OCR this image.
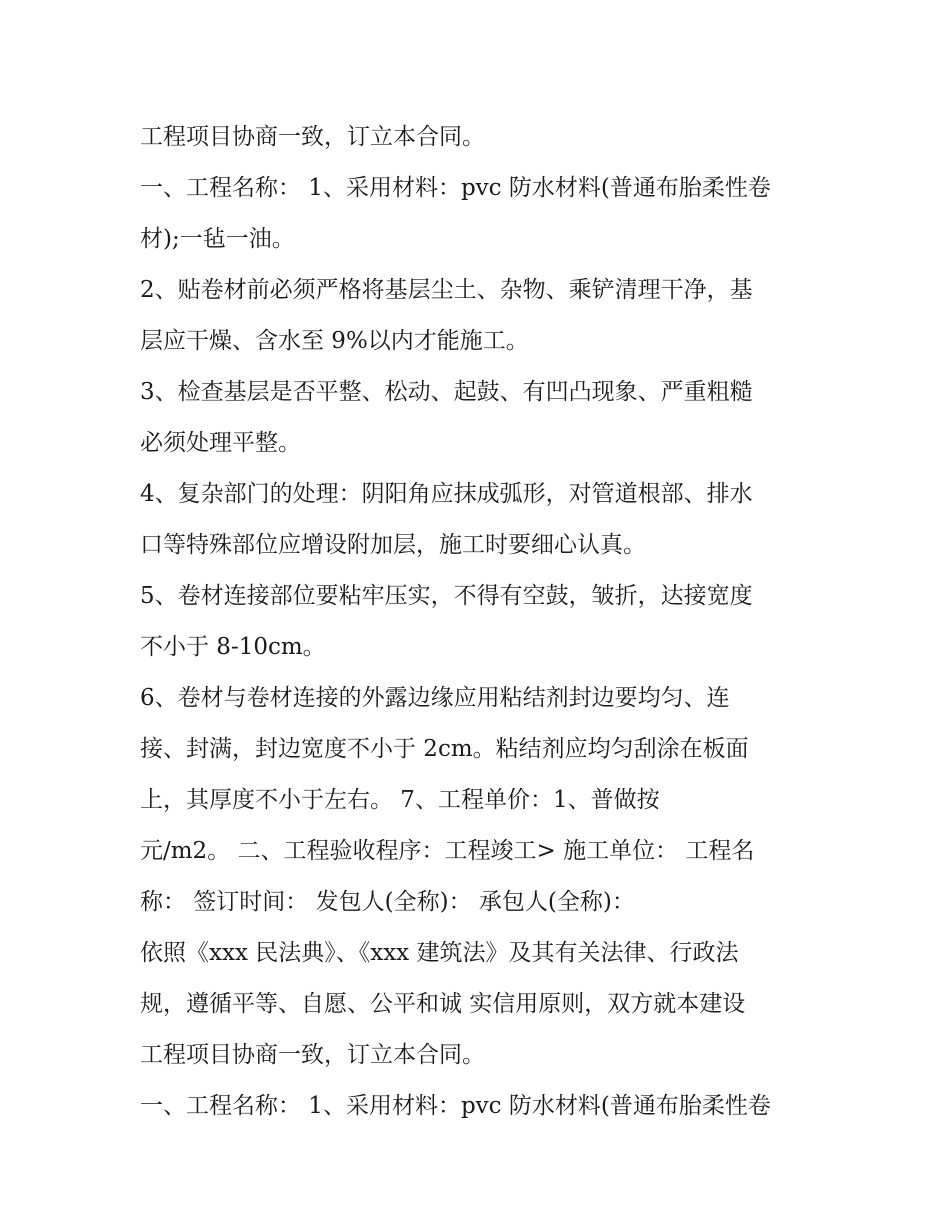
工程项目协商一致，订立本合同。
一、工程名称： 1、采用材料：pvc 防水材料(普通布胎柔性卷
材);一毡一油。
2、贴卷材前必须严格将基层尘土、杂物、乘铲清理干净，基
层应干燥、含水至 9%以内才能施工。
3、检查基层是否平整、松动、起鼓、有凹凸现象、严重粗糙
必须处理平整。
4、复杂部门的处理：阴阳角应抹成弧形，对管道根部、排水
口等特殊部位应增设附加层，施工时要细心认真。
5、卷材连接部位要粘牢压实，不得有空鼓，皱折，达接宽度
不小于 8-10cm。
6、卷材与卷材连接的外露边缘应用粘结剂封边要均匀、连
接、封满，封边宽度不小于 2cm。粘结剂应均匀刮涂在板面
上，其厚度不小于左右。 7、工程单价：1、普做按
元/m2。 二、工程验收程序：工程竣工> 施工单位： 工程名
称： 签订时间： 发包人(全称)： 承包人(全称)：
依照《xxx 民法典》、《xxx 建筑法》及其有关法律、行政法
规，遵循平等、自愿、公平和诚 实信用原则，双方就本建设
工程项目协商一致，订立本合同。
一、工程名称： 1、采用材料：pvc 防水材料(普通布胎柔性卷
